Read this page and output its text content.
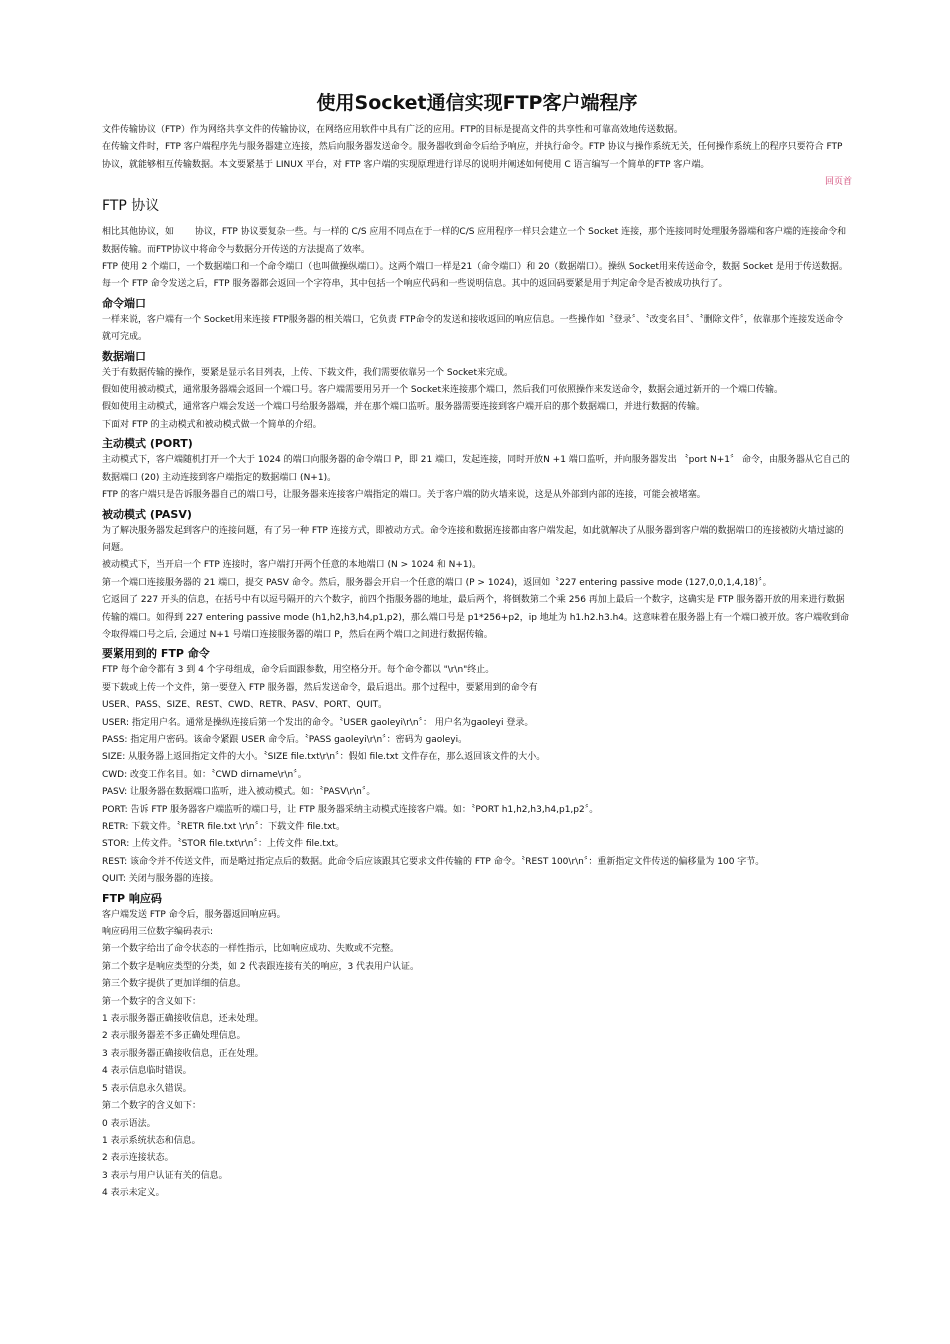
使用Socket通信实现FTP客户端程序

文件传输协议（FTP）作为网络共享文件的传输协议，在网络应用软件中具有广泛的应用。FTP的目标是提高文件的共享性和可靠高效地传送数据。

在传输文件时，FTP 客户端程序先与服务器建立连接，然后向服务器发送命令。服务器收到命令后给予响应，并执行命令。FTP 协议与操作系统无关，任何操作系统上的程序只要符合 FTP 协议，就能够相互传输数据。本文要紧基于 LINUX 平台，对 FTP 客户端的实现原理进行详尽的说明并阐述如何使用 C 语言编写一个简单的FTP 客户端。

回页首
FTP 协议

相比其他协议，如　　 协议，FTP 协议要复杂一些。与一样的 C/S 应用不同点在于一样的C/S 应用程序一样只会建立一个 Socket 连接，那个连接同时处理服务器端和客户端的连接命令和数据传输。而FTP协议中将命令与数据分开传送的方法提高了效率。

FTP 使用 2 个端口，一个数据端口和一个命令端口（也叫做操纵端口）。这两个端口一样是21（命令端口）和 20（数据端口）。操纵 Socket用来传送命令，数据 Socket 是用于传送数据。每一个 FTP 命令发送之后，FTP 服务器都会返回一个字符串，其中包括一个响应代码和一些说明信息。其中的返回码要紧是用于判定命令是否被成功执行了。

命令端口

一样来说，客户端有一个 Socket用来连接 FTP服务器的相关端口，它负责 FTP命令的发送和接收返回的响应信息。一些操作如〝登录〞、〝改变名目〞、〝删除文件〞，依靠那个连接发送命令就可完成。

数据端口

关于有数据传输的操作，要紧是显示名目列表，上传、下载文件，我们需要依靠另一个 Socket来完成。

假如使用被动模式，通常服务器端会返回一个端口号。客户端需要用另开一个 Socket来连接那个端口，然后我们可依照操作来发送命令，数据会通过新开的一个端口传输。

假如使用主动模式，通常客户端会发送一个端口号给服务器端，并在那个端口监听。服务器需要连接到客户端开启的那个数据端口，并进行数据的传输。

下面对 FTP 的主动模式和被动模式做一个简单的介绍。

主动模式 (PORT)

主动模式下，客户端随机打开一个大于 1024 的端口向服务器的命令端口 P，即 21 端口，发起连接，同时开放N +1 端口监听，并向服务器发出 〝port N+1〞 命令，由服务器从它自己的数据端口 (20) 主动连接到客户端指定的数据端口 (N+1)。

FTP 的客户端只是告诉服务器自己的端口号，让服务器来连接客户端指定的端口。关于客户端的防火墙来说，这是从外部到内部的连接，可能会被堵塞。

被动模式 (PASV)

为了解决服务器发起到客户的连接问题，有了另一种 FTP 连接方式，即被动方式。命令连接和数据连接都由客户端发起，如此就解决了从服务器到客户端的数据端口的连接被防火墙过滤的问题。

被动模式下，当开启一个 FTP 连接时，客户端打开两个任意的本地端口 (N > 1024 和 N+1)。

第一个端口连接服务器的 21 端口，提交 PASV 命令。然后，服务器会开启一个任意的端口 (P > 1024)，返回如〝227 entering passive mode (127,0,0,1,4,18)〞。

它返回了 227 开头的信息，在括号中有以逗号隔开的六个数字，前四个指服务器的地址，最后两个，将倒数第二个乘 256 再加上最后一个数字，这确实是 FTP 服务器开放的用来进行数据传输的端口。如得到 227 entering passive mode (h1,h2,h3,h4,p1,p2)，那么端口号是 p1*256+p2，ip 地址为 h1.h2.h3.h4。这意味着在服务器上有一个端口被开放。客户端收到命令取得端口号之后, 会通过 N+1 号端口连接服务器的端口 P，然后在两个端口之间进行数据传输。

要紧用到的 FTP 命令

FTP 每个命令都有 3 到 4 个字母组成，命令后面跟参数，用空格分开。每个命令都以 "\r\n"终止。

要下载或上传一个文件，第一要登入 FTP 服务器，然后发送命令，最后退出。那个过程中，要紧用到的命令有

USER、PASS、SIZE、REST、CWD、RETR、PASV、PORT、QUIT。

USER: 指定用户名。通常是操纵连接后第一个发出的命令。〝USER gaoleyi\r\n〞： 用户名为gaoleyi 登录。

PASS: 指定用户密码。该命令紧跟 USER 命令后。〝PASS gaoleyi\r\n〞：密码为 gaoleyi。

SIZE: 从服务器上返回指定文件的大小。〝SIZE file.txt\r\n〞：假如 file.txt 文件存在，那么返回该文件的大小。

CWD: 改变工作名目。如：〝CWD dirname\r\n〞。

PASV: 让服务器在数据端口监听，进入被动模式。如：〝PASV\r\n〞。

PORT: 告诉 FTP 服务器客户端监听的端口号，让 FTP 服务器采纳主动模式连接客户端。如：〝PORT h1,h2,h3,h4,p1,p2〞。

RETR: 下载文件。〝RETR file.txt \r\n〞：下载文件 file.txt。

STOR: 上传文件。〝STOR file.txt\r\n〞：上传文件 file.txt。

REST: 该命令并不传送文件，而是略过指定点后的数据。此命令后应该跟其它要求文件传输的 FTP 命令。〝REST 100\r\n〞：重新指定文件传送的偏移量为 100 字节。

QUIT: 关闭与服务器的连接。

FTP 响应码

客户端发送 FTP 命令后，服务器返回响应码。

响应码用三位数字编码表示:

第一个数字给出了命令状态的一样性指示，比如响应成功、失败或不完整。

第二个数字是响应类型的分类，如 2 代表跟连接有关的响应，3 代表用户认证。

第三个数字提供了更加详细的信息。

第一个数字的含义如下：

1 表示服务器正确接收信息，还未处理。

2 表示服务器差不多正确处理信息。

3 表示服务器正确接收信息，正在处理。

4 表示信息临时错误。

5 表示信息永久错误。

第二个数字的含义如下：

0 表示语法。

1 表示系统状态和信息。

2 表示连接状态。

3 表示与用户认证有关的信息。

4 表示未定义。
